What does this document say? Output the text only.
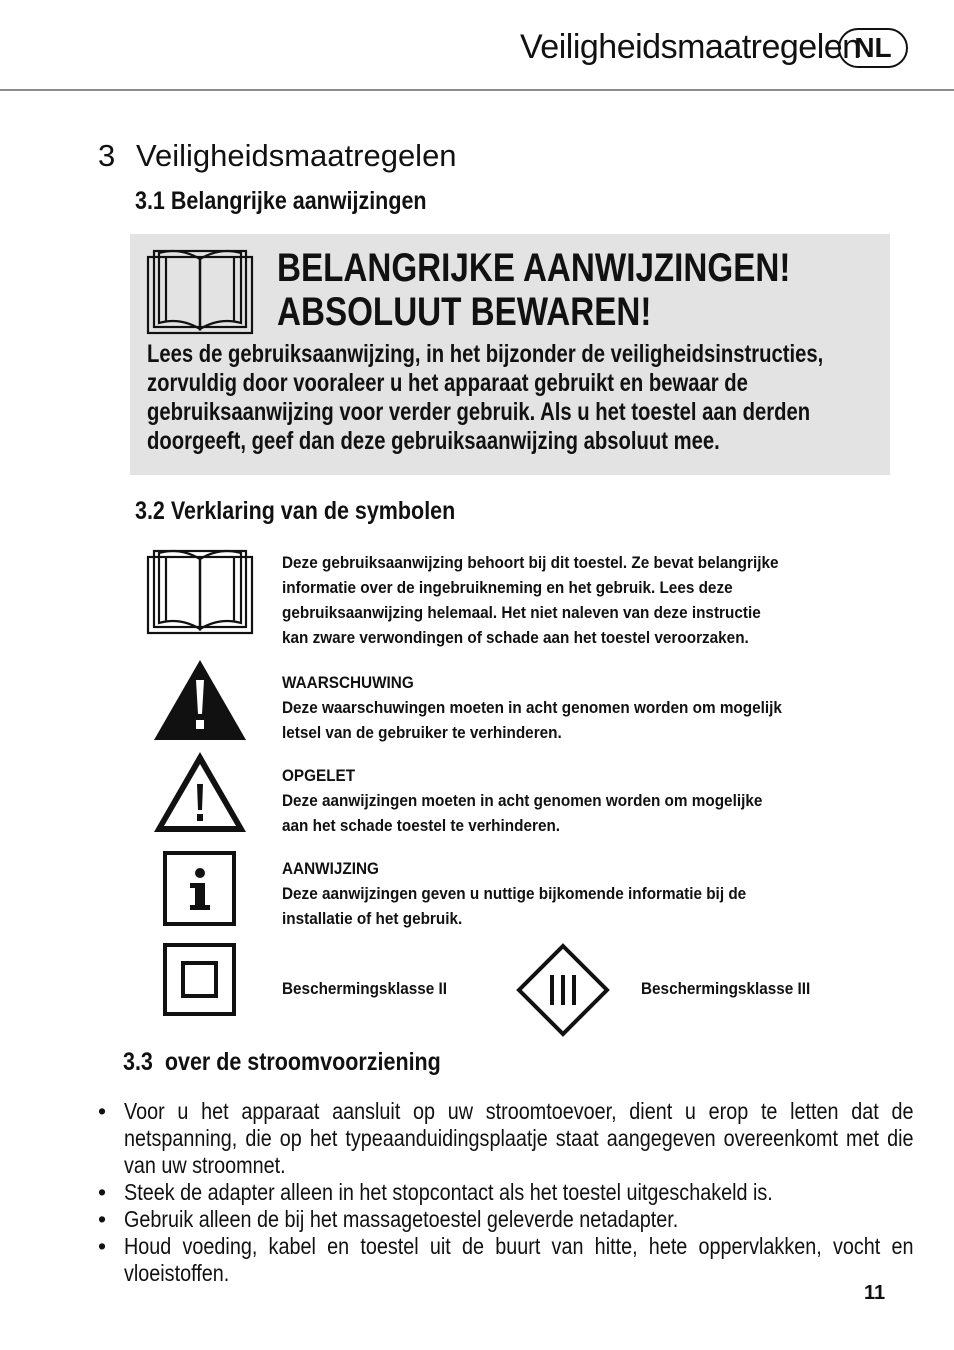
Veiligheidsmaatregelen
NL
3 Veiligheidsmaatregelen
3.1 Belangrijke aanwijzingen
BELANGRIJKE AANWIJZINGEN!
ABSOLUUT BEWAREN!
Lees de gebruiksaanwijzing, in het bijzonder de veiligheidsinstructies,
zorvuldig door vooraleer u het apparaat gebruikt en bewaar de
gebruiksaanwijzing voor verder gebruik. Als u het toestel aan derden
doorgeeft, geef dan deze gebruiksaanwijzing absoluut mee.
3.2 Verklaring van de symbolen
Deze gebruiksaanwijzing behoort bij dit toestel. Ze bevat belangrijke
informatie over de ingebruikneming en het gebruik. Lees deze
gebruiksaanwijzing helemaal. Het niet naleven van deze instructie
kan zware verwondingen of schade aan het toestel veroorzaken.
WAARSCHUWING
Deze waarschuwingen moeten in acht genomen worden om mogelijk
letsel van de gebruiker te verhinderen.
OPGELET
Deze aanwijzingen moeten in acht genomen worden om mogelijke
aan het schade toestel te verhinderen.
AANWIJZING
Deze aanwijzingen geven u nuttige bijkomende informatie bij de
installatie of het gebruik.
Beschermingsklasse II	Beschermingsklasse III
3.3 over de stroomvoorziening
• Voor u het apparaat aansluit op uw stroomtoevoer, dient u erop te letten dat de netspanning, die op het typeaanduidingsplaatje staat aangegeven overeenkomt met die van uw stroomnet.
• Steek de adapter alleen in het stopcontact als het toestel uitgeschakeld is.
• Gebruik alleen de bij het massagetoestel geleverde netadapter.
• Houd voeding, kabel en toestel uit de buurt van hitte, hete oppervlakken, vocht en vloeistoffen.
11
